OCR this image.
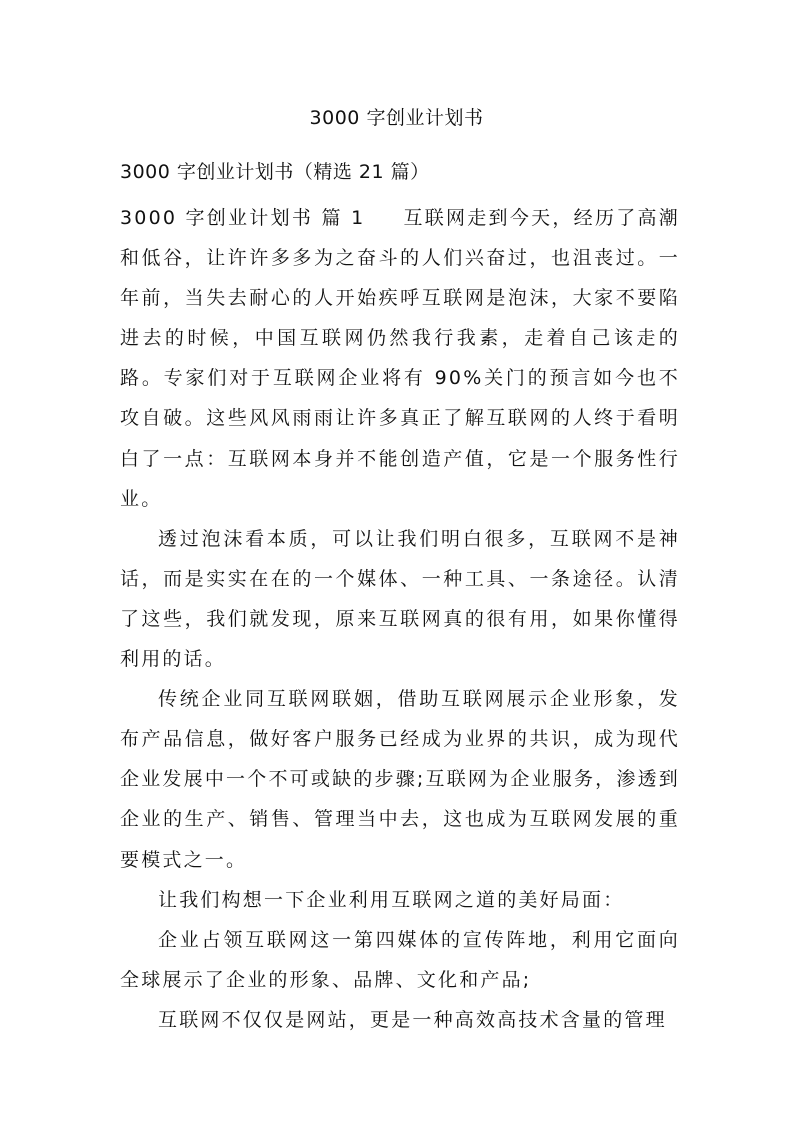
3000 字创业计划书

3000 字创业计划书（精选 21 篇）

3000 字创业计划书 篇 1 互联网走到今天，经历了高潮和低谷，让许许多多为之奋斗的人们兴奋过，也沮丧过。一年前，当失去耐心的人开始疾呼互联网是泡沫，大家不要陷进去的时候，中国互联网仍然我行我素，走着自己该走的路。专家们对于互联网企业将有 90%关门的预言如今也不攻自破。这些风风雨雨让许多真正了解互联网的人终于看明白了一点：互联网本身并不能创造产值，它是一个服务性行业。

透过泡沫看本质，可以让我们明白很多，互联网不是神话，而是实实在在的一个媒体、一种工具、一条途径。认清了这些，我们就发现，原来互联网真的很有用，如果你懂得利用的话。

传统企业同互联网联姻，借助互联网展示企业形象，发布产品信息，做好客户服务已经成为业界的共识，成为现代企业发展中一个不可或缺的步骤;互联网为企业服务，渗透到企业的生产、销售、管理当中去，这也成为互联网发展的重要模式之一。

让我们构想一下企业利用互联网之道的美好局面：

企业占领互联网这一第四媒体的宣传阵地，利用它面向全球展示了企业的形象、品牌、文化和产品;

互联网不仅仅是网站，更是一种高效高技术含量的管理
